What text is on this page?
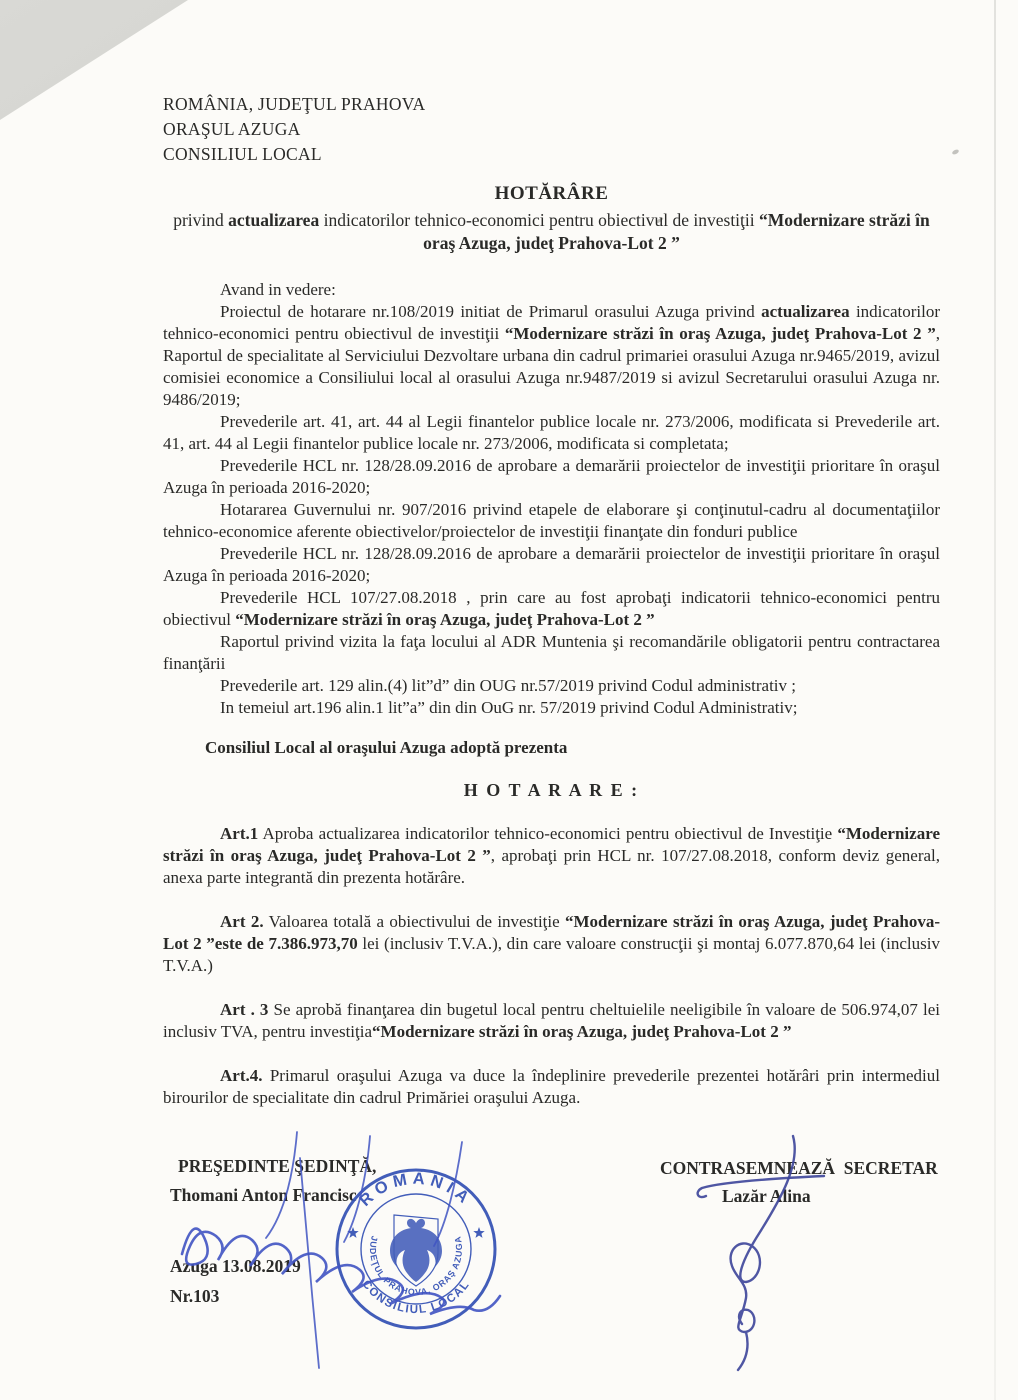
ROMÂNIA, JUDEŢUL PRAHOVA
ORAŞUL AZUGA
CONSILIUL LOCAL
HOTĂRÂRE

privind actualizarea indicatorilor tehnico-economici pentru obiectivul de investiţii “Modernizare străzi în oraş Azuga, judeţ Prahova-Lot 2 ”

Avand in vedere:

Proiectul de hotarare nr.108/2019 initiat de Primarul orasului Azuga privind actualizarea indicatorilor tehnico-economici pentru obiectivul de investiţii “Modernizare străzi în oraş Azuga, judeţ Prahova-Lot 2 ”, Raportul de specialitate al Serviciului Dezvoltare urbana din cadrul primariei orasului Azuga nr.9465/2019, avizul comisiei economice a Consiliului local al orasului Azuga nr.9487/2019 si avizul Secretarului orasului Azuga nr. 9486/2019;

Prevederile art. 41, art. 44 al Legii finantelor publice locale nr. 273/2006, modificata si Prevederile art. 41, art. 44 al Legii finantelor publice locale nr. 273/2006, modificata si completata;

Prevederile HCL nr. 128/28.09.2016 de aprobare a demarării proiectelor de investiţii prioritare în oraşul Azuga în perioada 2016-2020;

Hotararea Guvernului nr. 907/2016 privind etapele de elaborare şi conţinutul-cadru al documentaţiilor tehnico-economice aferente obiectivelor/proiectelor de investiţii finanţate din fonduri publice

Prevederile HCL nr. 128/28.09.2016 de aprobare a demarării proiectelor de investiţii prioritare în oraşul Azuga în perioada 2016-2020;

Prevederile HCL 107/27.08.2018 , prin care au fost aprobaţi indicatorii tehnico-economici pentru obiectivul “Modernizare străzi în oraş Azuga, judeţ Prahova-Lot 2 ”

Raportul privind vizita la faţa locului al ADR Muntenia şi recomandările obligatorii pentru contractarea finanţării

Prevederile art. 129 alin.(4) lit”d” din OUG nr.57/2019 privind Codul administrativ ;

In temeiul art.196 alin.1 lit”a” din din OuG nr. 57/2019 privind Codul Administrativ;

Consiliul Local al oraşului Azuga adoptă prezenta

H O T A R A R E :

Art.1 Aproba actualizarea indicatorilor tehnico-economici pentru obiectivul de Investiţie “Modernizare străzi în oraş Azuga, judeţ Prahova-Lot 2 ”, aprobaţi prin HCL nr. 107/27.08.2018, conform deviz general, anexa parte integrantă din prezenta hotărâre.

Art 2. Valoarea totală a obiectivului de investiţie “Modernizare străzi în oraş Azuga, judeţ Prahova-Lot 2 ”este de 7.386.973,70 lei (inclusiv T.V.A.), din care valoare construcţii şi montaj 6.077.870,64 lei (inclusiv T.V.A.)

Art . 3 Se aprobă finanţarea din bugetul local pentru cheltuielile neeligibile în valoare de 506.974,07 lei inclusiv TVA, pentru investiţia“Modernizare străzi în oraş Azuga, judeţ Prahova-Lot 2 ”

Art.4. Primarul oraşului Azuga va duce la îndeplinire prevederile prezentei hotărâri prin intermediul birourilor de specialitate din cadrul Primăriei oraşului Azuga.

PREŞEDINTE ŞEDINŢĂ,
Thomani Anton Francisc
Azuga 13.08.2019
Nr.103
CONTRASEMNEAZĂ  SECRETAR
Lazăr Alina
ROMÂNIA
JUDEŢUL PRAHOVA, ORAŞ AZUGA
CONSILIUL LOCAL
